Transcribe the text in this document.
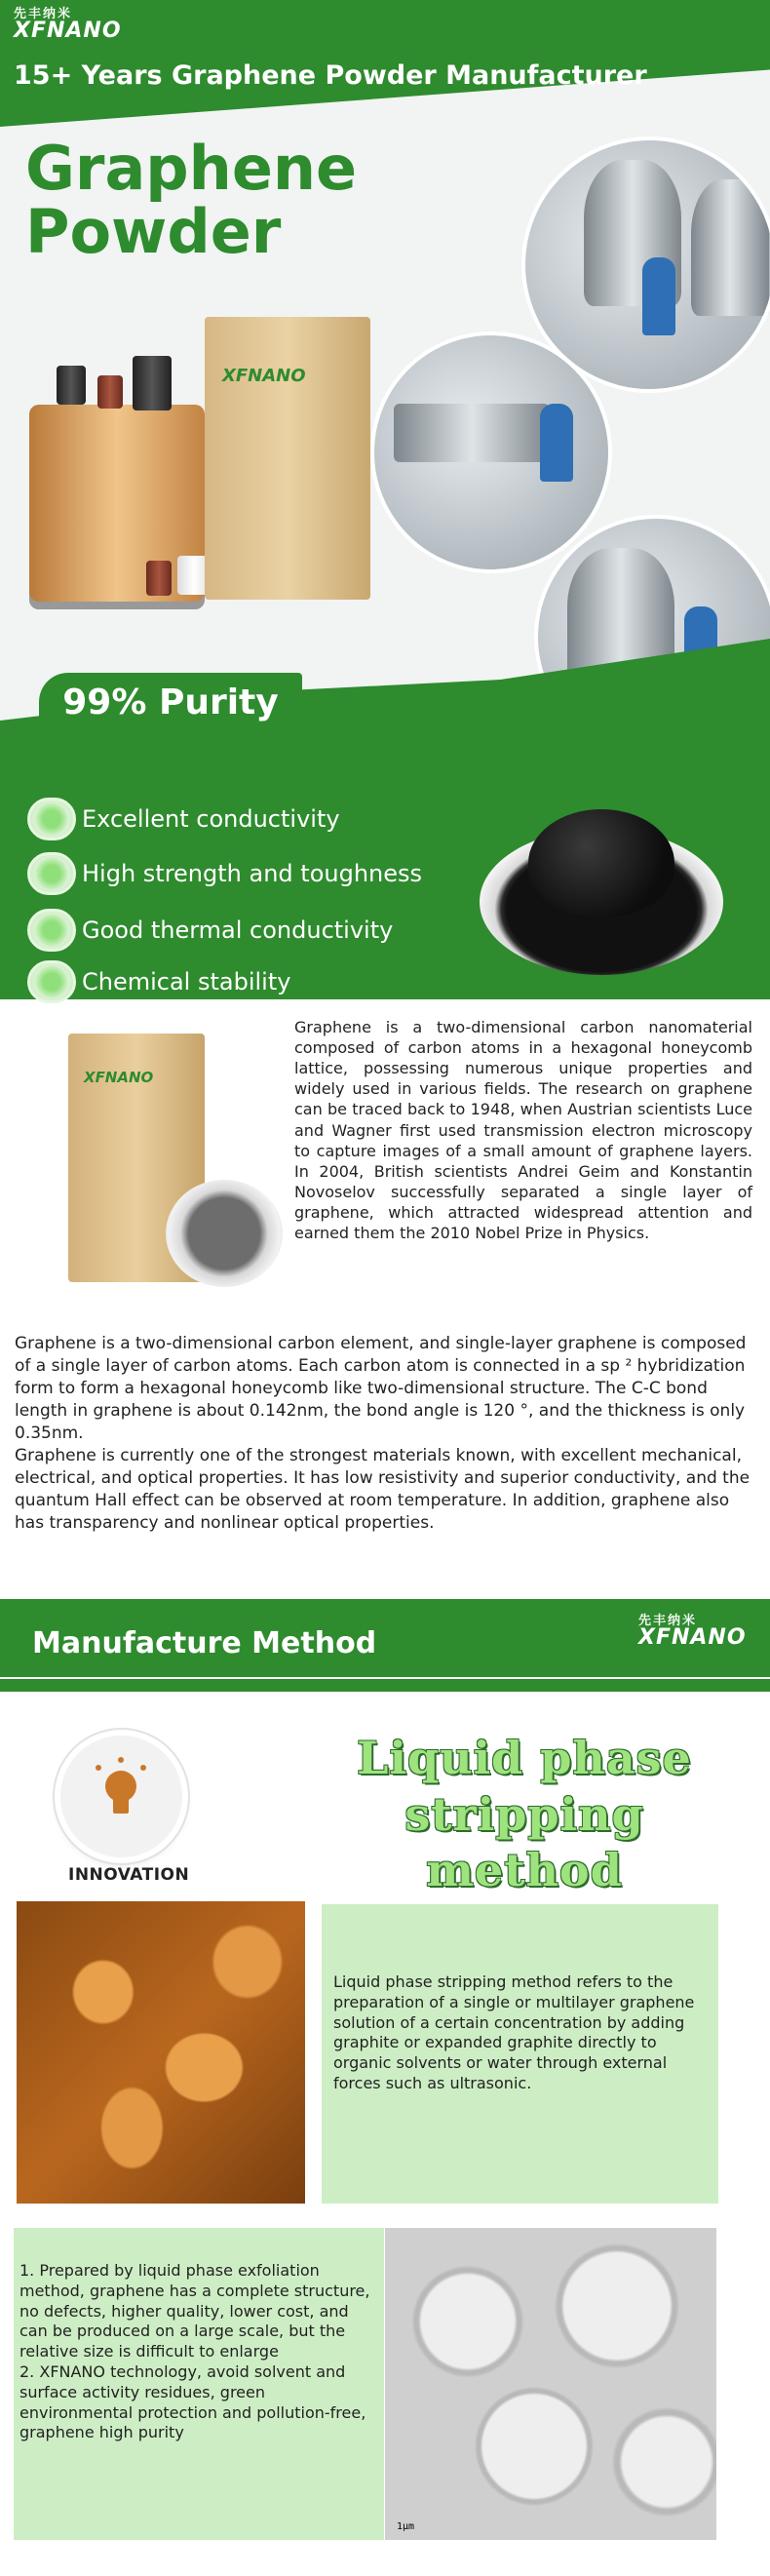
先丰纳米
XFNANO
15+ Years Graphene Powder Manufacturer
Graphene
Powder
XFNANO
99% Purity
Excellent conductivity
High strength and toughness
Good thermal conductivity
Chemical stability
XFNANO

Graphene is a two-dimensional carbon nanomaterial composed of carbon atoms in a hexagonal honeycomb lattice, possessing numerous unique properties and widely used in various fields. The research on graphene can be traced back to 1948, when Austrian scientists Luce and Wagner first used transmission electron microscopy to capture images of a small amount of graphene layers. In 2004, British scientists Andrei Geim and Konstantin Novoselov successfully separated a single layer of graphene, which attracted widespread attention and earned them the 2010 Nobel Prize in Physics.

Graphene is a two-dimensional carbon element, and single-layer graphene is composed of a single layer of carbon atoms. Each carbon atom is connected in a sp ² hybridization form to form a hexagonal honeycomb like two-dimensional structure. The C-C bond length in graphene is about 0.142nm, the bond angle is 120 °, and the thickness is only 0.35nm.

Graphene is currently one of the strongest materials known, with excellent mechanical, electrical, and optical properties. It has low resistivity and superior conductivity, and the quantum Hall effect can be observed at room temperature. In addition, graphene also has transparency and nonlinear optical properties.

Manufacture Method
先丰纳米
XFNANO

INNOVATION

Liquid phase
stripping method

Liquid phase stripping method refers to the preparation of a single or multilayer graphene solution of a certain concentration by adding graphite or expanded graphite directly to organic solvents or water through external forces such as ultrasonic.

1. Prepared by liquid phase exfoliation method, graphene has a complete structure, no defects, higher quality, lower cost, and can be produced on a large scale, but the relative size is difficult to enlarge
2. XFNANO technology, avoid solvent and surface activity residues, green environmental protection and pollution-free, graphene high purity

1μm
